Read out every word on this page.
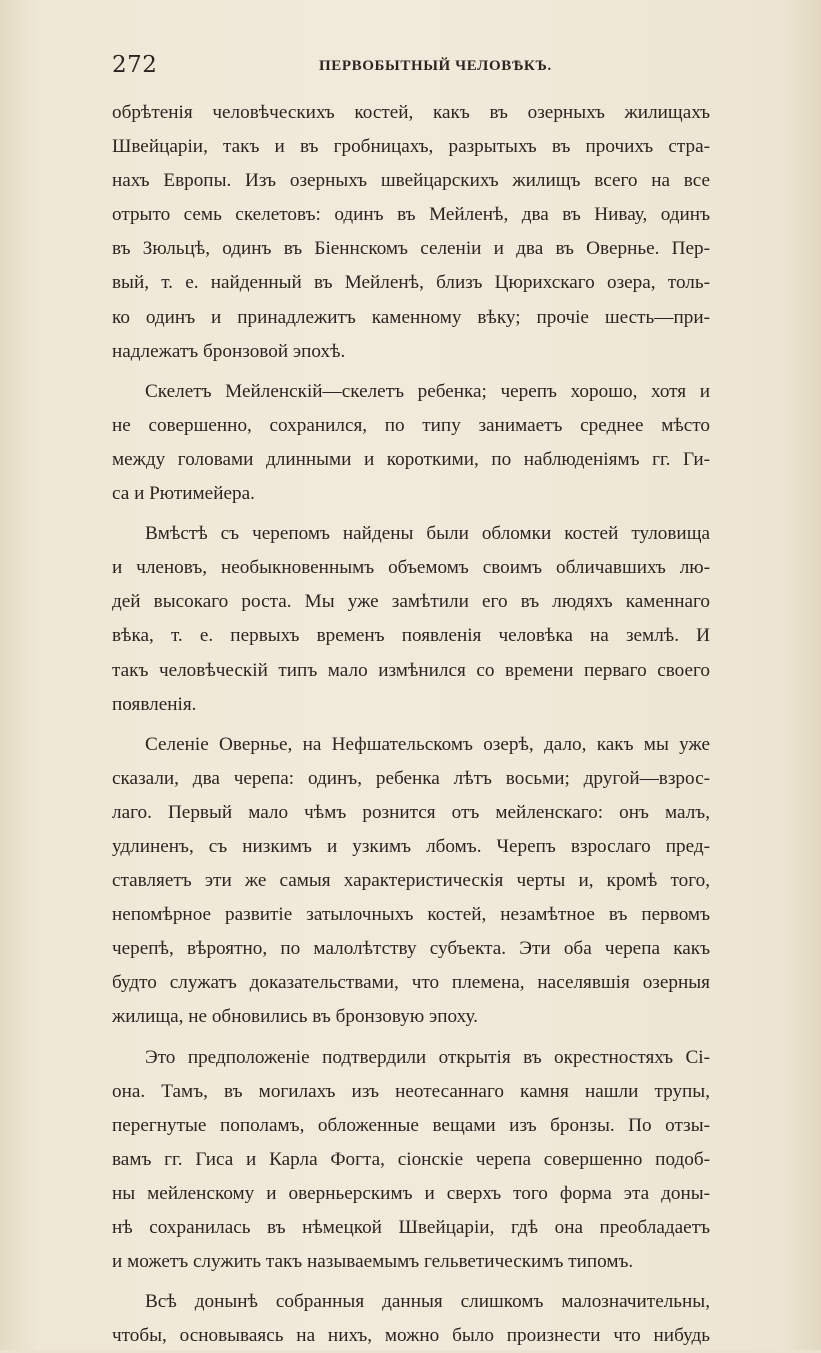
272	ПЕРВОБЫТНЫЙ ЧЕЛОВѢКЪ.
обрѣтенія человѣческихъ костей, какъ въ озерныхъ жилищахъ
Швейцаріи, такъ и въ гробницахъ, разрытыхъ въ прочихъ стра-
нахъ Европы. Изъ озерныхъ швейцарскихъ жилищъ всего на все
отрыто семь скелетовъ: одинъ въ Мейленѣ, два въ Нивау, одинъ
въ Зюльцѣ, одинъ въ Біеннскомъ селеніи и два въ Оверньe. Пер-
вый, т. е. найденный въ Мейленѣ, близъ Цюрихскаго озера, толь-
ко одинъ и принадлежитъ каменному вѣку; прочіе шесть—при-
надлежатъ бронзовой эпохѣ.
Скелетъ Мейленскій—скелетъ ребенка; черепъ хорошо, хотя и
не совершенно, сохранился, по типу занимаетъ среднее мѣсто
между головами длинными и короткими, по наблюденіямъ гг. Ги-
са и Рютимейера.
Вмѣстѣ съ черепомъ найдены были обломки костей туловища
и членовъ, необыкновеннымъ объемомъ своимъ обличавшихъ лю-
дей высокаго роста. Мы уже замѣтили его въ людяхъ каменнаго
вѣка, т. е. первыхъ временъ появленія человѣка на землѣ. И
такъ человѣческій типъ мало измѣнился со времени перваго своего
появленія.
Селеніе Оверньe, на Нефшательскомъ озерѣ, дало, какъ мы уже
сказали, два черепа: одинъ, ребенка лѣтъ восьми; другой—взрос-
лаго. Первый мало чѣмъ рознится отъ мейленскаго: онъ малъ,
удлиненъ, съ низкимъ и узкимъ лбомъ. Черепъ взрослаго пред-
ставляетъ эти же самыя характеристическія черты и, кромѣ того,
непомѣрное развитіе затылочныхъ костей, незамѣтное въ первомъ
черепѣ, вѣроятно, по малолѣтству субъекта. Эти оба черепа какъ
будто служатъ доказательствами, что племена, населявшія озерныя
жилища, не обновились въ бронзовую эпоху.
Это предположеніе подтвердили открытія въ окрестностяхъ Сі-
она. Тамъ, въ могилахъ изъ неотесаннаго камня нашли трупы,
перегнутые пополамъ, обложенные вещами изъ бронзы. По отзы-
вамъ гг. Гиса и Карла Фогта, сіонскіе черепа совершенно подоб-
ны мейленскому и оверньерскимъ и сверхъ того форма эта доны-
нѣ сохранилась въ нѣмецкой Швейцаріи, гдѣ она преобладаетъ
и можетъ служить такъ называемымъ гельветическимъ типомъ.
Всѣ донынѣ собранныя данныя слишкомъ малозначительны,
чтобы, основываясь на нихъ, можно было произнести что нибудь
